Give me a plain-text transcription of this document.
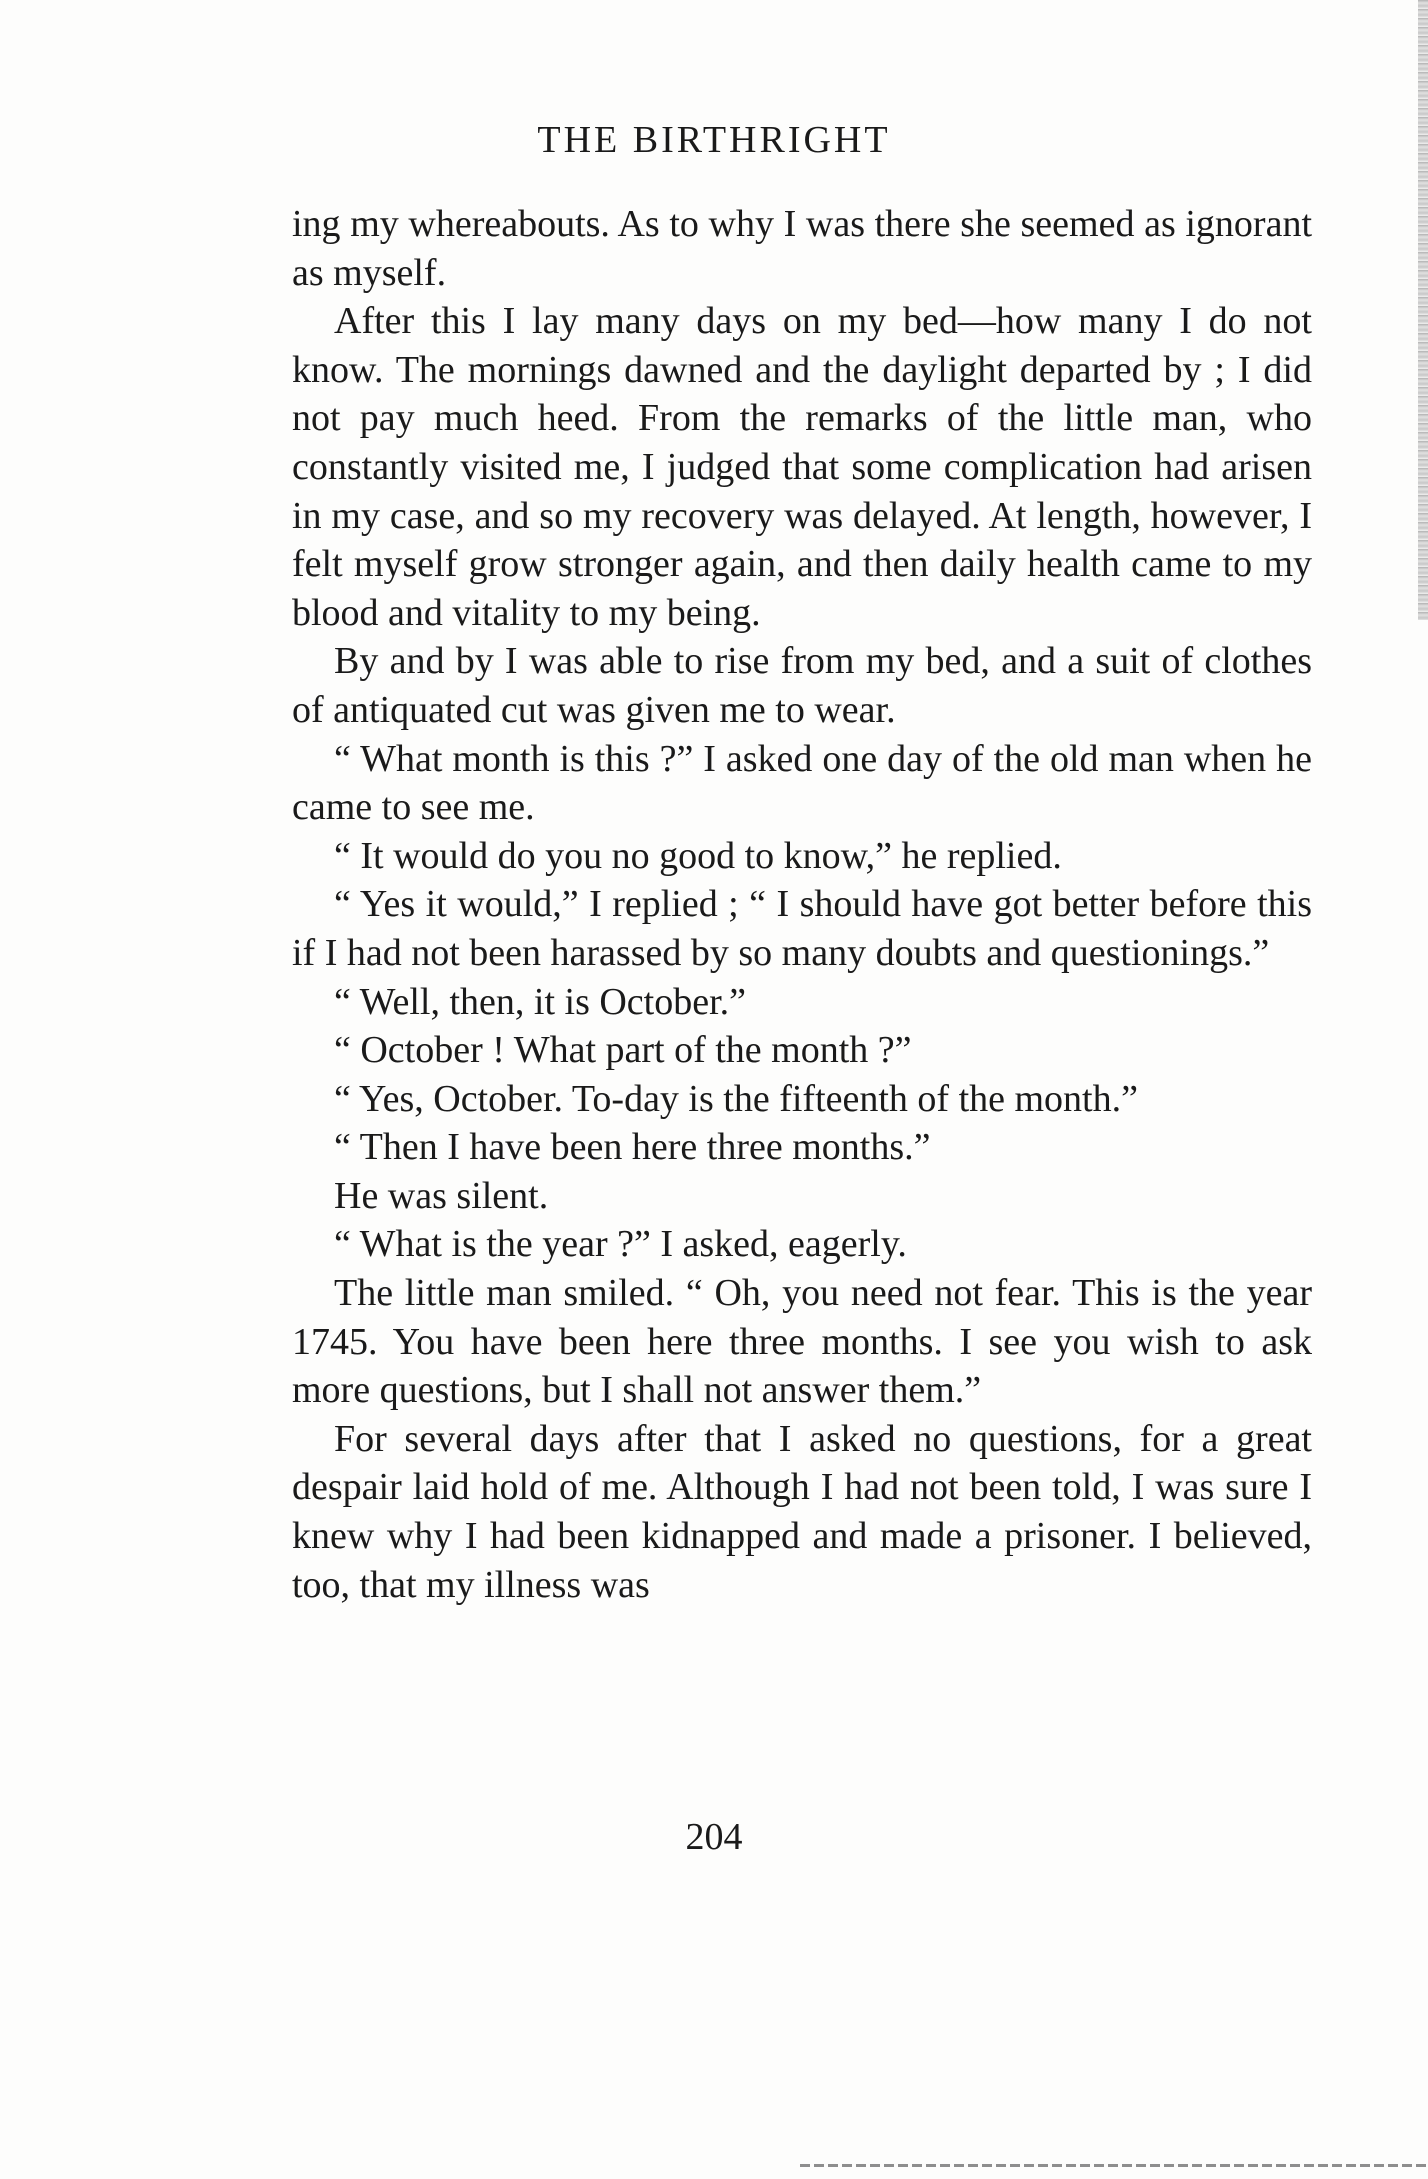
THE BIRTHRIGHT

ing my whereabouts. As to why I was there she seemed as ignorant as myself.

After this I lay many days on my bed—how many I do not know. The mornings dawned and the daylight departed by ; I did not pay much heed. From the remarks of the little man, who constantly visited me, I judged that some complication had arisen in my case, and so my recovery was delayed. At length, however, I felt myself grow stronger again, and then daily health came to my blood and vitality to my being.

By and by I was able to rise from my bed, and a suit of clothes of antiquated cut was given me to wear.

“ What month is this ?” I asked one day of the old man when he came to see me.

“ It would do you no good to know,” he replied.

“ Yes it would,” I replied ; “ I should have got better before this if I had not been harassed by so many doubts and questionings.”

“ Well, then, it is October.”

“ October ! What part of the month ?”

“ Yes, October. To-day is the fifteenth of the month.”

“ Then I have been here three months.”

He was silent.

“ What is the year ?” I asked, eagerly.

The little man smiled. “ Oh, you need not fear. This is the year 1745. You have been here three months. I see you wish to ask more questions, but I shall not answer them.”

For several days after that I asked no questions, for a great despair laid hold of me. Although I had not been told, I was sure I knew why I had been kidnapped and made a prisoner. I believed, too, that my illness was

204
